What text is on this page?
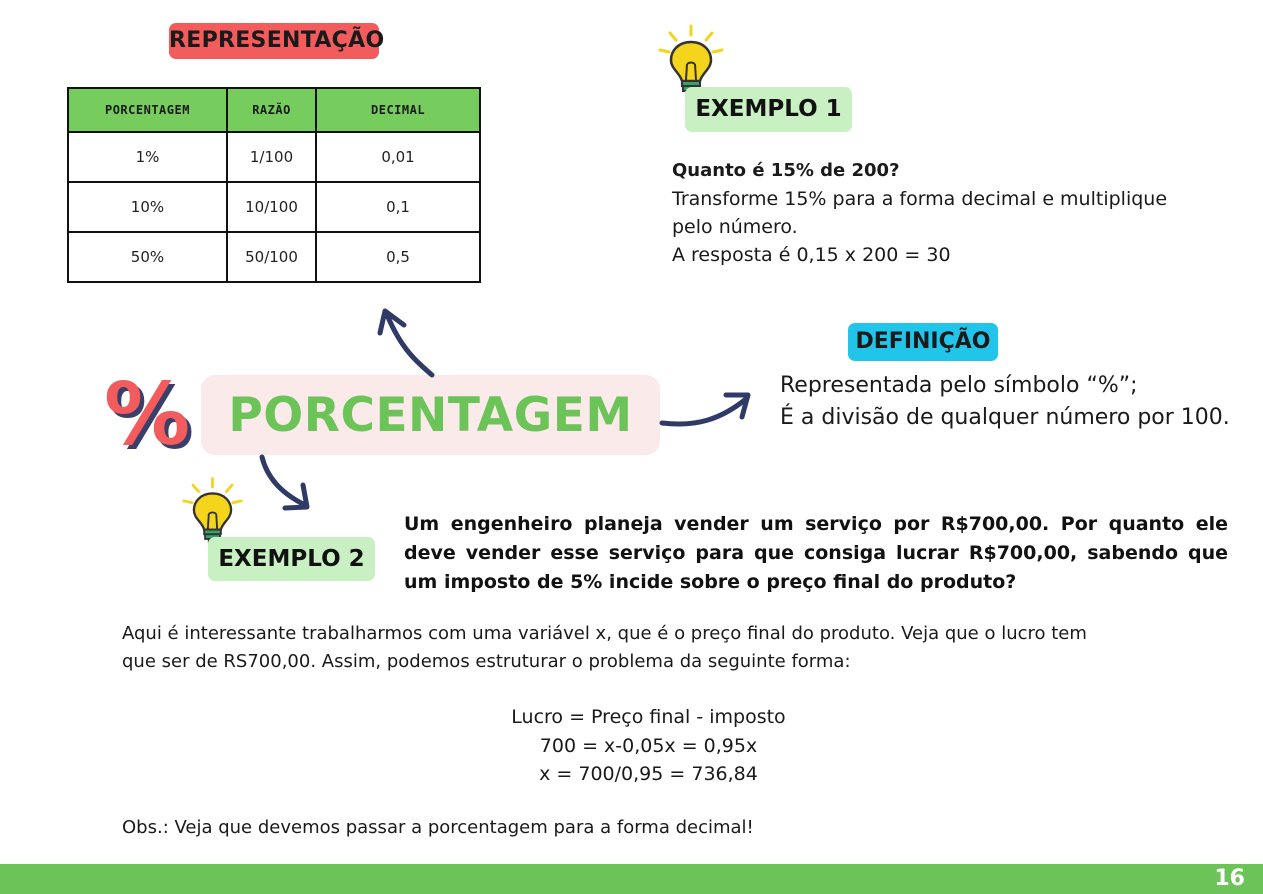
REPRESENTAÇÃO
PORCENTAGEM	RAZÃO	DECIMAL
1%	1/100	0,01
10%	10/100	0,1
50%	50/100	0,5
EXEMPLO 1
Quanto é 15% de 200?
Transforme 15% para a forma decimal e multiplique
pelo número.
A resposta é 0,15 x 200 = 30
DEFINIÇÃO
Representada pelo símbolo “%”;
É a divisão de qualquer número por 100.
% PORCENTAGEM
EXEMPLO 2
Um engenheiro planeja vender um serviço por R$700,00. Por quanto ele deve vender esse serviço para que consiga lucrar R$700,00, sabendo que um imposto de 5% incide sobre o preço final do produto?
Aqui é interessante trabalharmos com uma variável x, que é o preço final do produto. Veja que o lucro tem
que ser de RS700,00. Assim, podemos estruturar o problema da seguinte forma:
Lucro = Preço final - imposto
700 = x-0,05x = 0,95x
x = 700/0,95 = 736,84
Obs.: Veja que devemos passar a porcentagem para a forma decimal!
16
